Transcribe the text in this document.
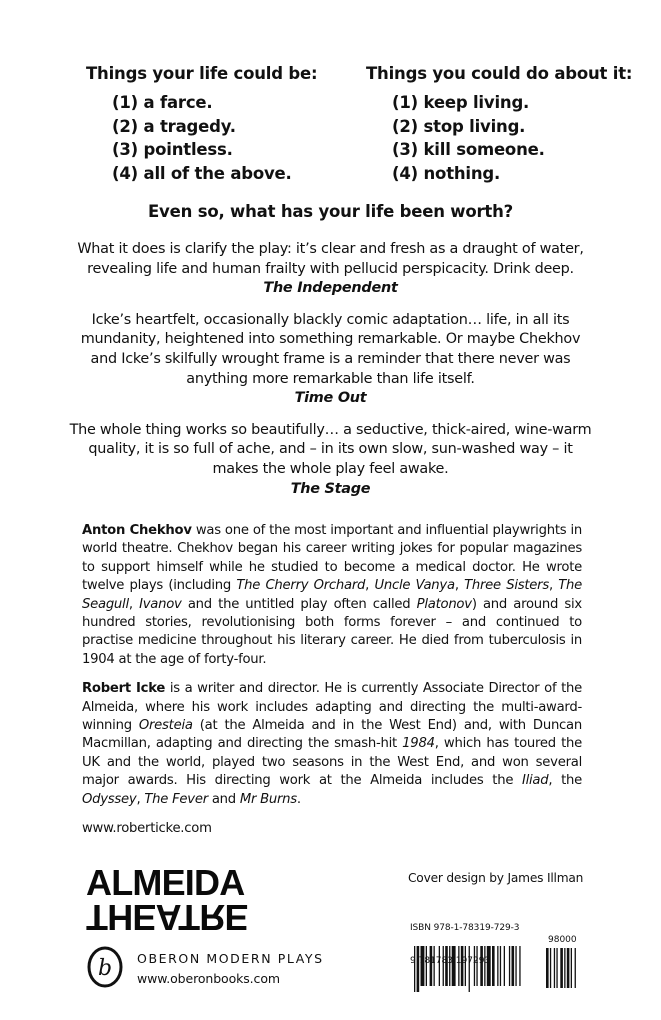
Things your life could be:
(1) a farce.
(2) a tragedy.
(3) pointless.
(4) all of the above.
Things you could do about it:
(1) keep living.
(2) stop living.
(3) kill someone.
(4) nothing.
Even so, what has your life been worth?

What it does is clarify the play: it’s clear and fresh as a draught of water, revealing life and human frailty with pellucid perspicacity. Drink deep.

The Independent

Icke’s heartfelt, occasionally blackly comic adaptation… life, in all its mundanity, heightened into something remarkable. Or maybe Chekhov and Icke’s skilfully wrought frame is a reminder that there never was anything more remarkable than life itself.

Time Out

The whole thing works so beautifully… a seductive, thick-aired, wine-warm quality, it is so full of ache, and – in its own slow, sun-washed way – it makes the whole play feel awake.

The Stage

Anton Chekhov was one of the most important and influential playwrights in world theatre. Chekhov began his career writing jokes for popular magazines to support himself while he studied to become a medical doctor. He wrote twelve plays (including The Cherry Orchard, Uncle Vanya, Three Sisters, The Seagull, Ivanov and the untitled play often called Platonov) and around six hundred stories, revolutionising both forms forever – and continued to practise medicine throughout his literary career. He died from tuberculosis in 1904 at the age of forty-four.

Robert Icke is a writer and director. He is currently Associate Director of the Almeida, where his work includes adapting and directing the multi-award-winning Oresteia (at the Almeida and in the West End) and, with Duncan Macmillan, adapting and directing the smash-hit 1984, which has toured the UK and the world, played two seasons in the West End, and won several major awards. His directing work at the Almeida includes the Iliad, the Odyssey, The Fever and Mr Burns.

www.roberticke.com

ALMEIDA
THEATRE
Cover design by James Illman
ISBN 978-1-78319-729-3
98000
9 781783 197293
b OBERON MODERN PLAYS
www.oberonbooks.com
